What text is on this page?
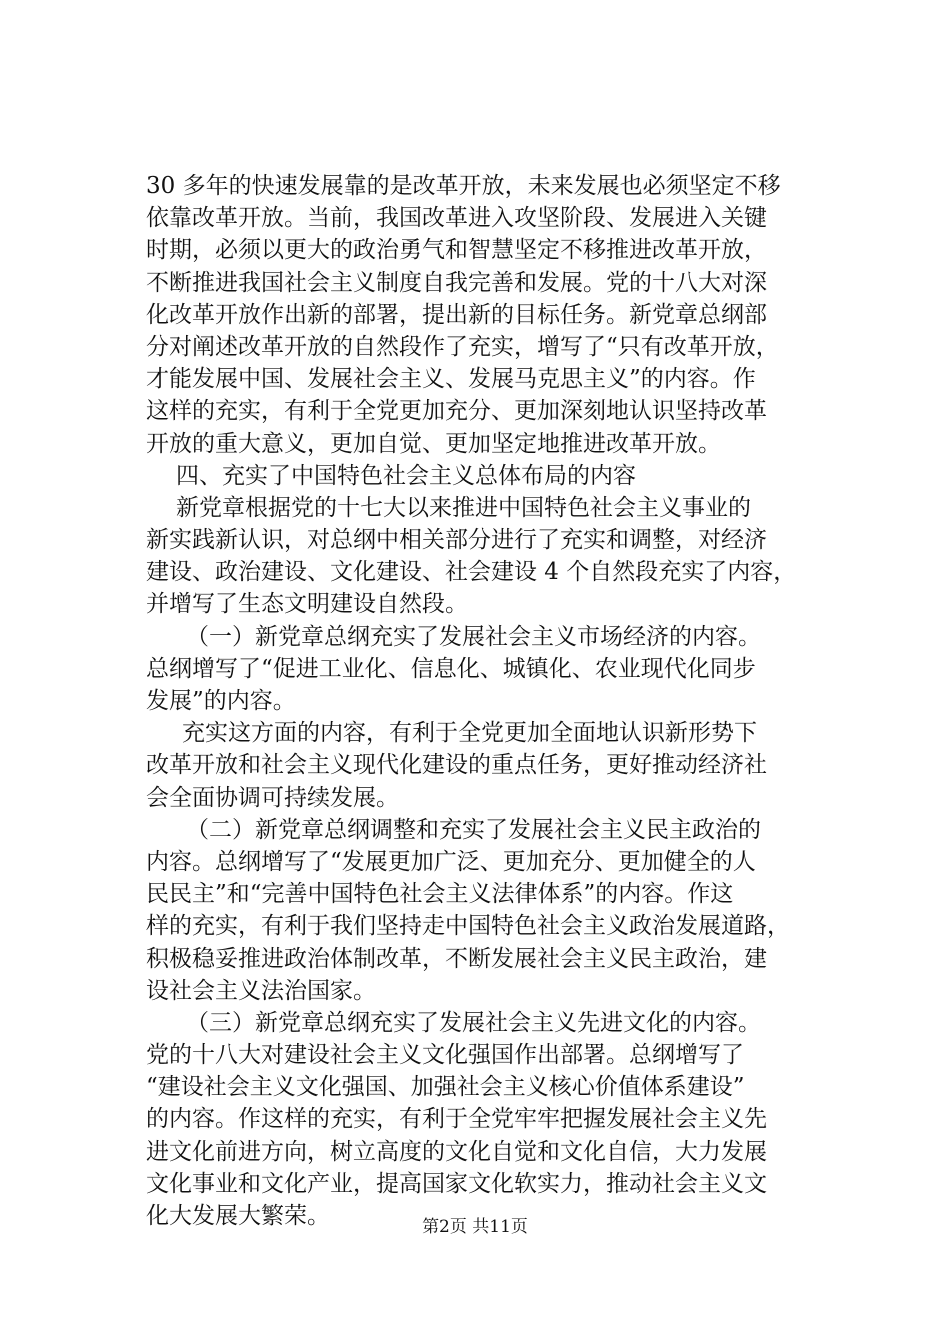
30 多年的快速发展靠的是改革开放，未来发展也必须坚定不移
依靠改革开放。当前，我国改革进入攻坚阶段、发展进入关键
时期，必须以更大的政治勇气和智慧坚定不移推进改革开放，
不断推进我国社会主义制度自我完善和发展。党的十八大对深
化改革开放作出新的部署，提出新的目标任务。新党章总纲部
分对阐述改革开放的自然段作了充实，增写了“只有改革开放，
才能发展中国、发展社会主义、发展马克思主义”的内容。作
这样的充实，有利于全党更加充分、更加深刻地认识坚持改革
开放的重大意义，更加自觉、更加坚定地推进改革开放。
四、充实了中国特色社会主义总体布局的内容
新党章根据党的十七大以来推进中国特色社会主义事业的
新实践新认识，对总纲中相关部分进行了充实和调整，对经济
建设、政治建设、文化建设、社会建设 4 个自然段充实了内容，
并增写了生态文明建设自然段。
（一）新党章总纲充实了发展社会主义市场经济的内容。
总纲增写了“促进工业化、信息化、城镇化、农业现代化同步
发展”的内容。
充实这方面的内容，有利于全党更加全面地认识新形势下
改革开放和社会主义现代化建设的重点任务，更好推动经济社
会全面协调可持续发展。
（二）新党章总纲调整和充实了发展社会主义民主政治的
内容。总纲增写了“发展更加广泛、更加充分、更加健全的人
民民主”和“完善中国特色社会主义法律体系”的内容。作这
样的充实，有利于我们坚持走中国特色社会主义政治发展道路，
积极稳妥推进政治体制改革，不断发展社会主义民主政治，建
设社会主义法治国家。
（三）新党章总纲充实了发展社会主义先进文化的内容。
党的十八大对建设社会主义文化强国作出部署。总纲增写了
“建设社会主义文化强国、加强社会主义核心价值体系建设”
的内容。作这样的充实，有利于全党牢牢把握发展社会主义先
进文化前进方向，树立高度的文化自觉和文化自信，大力发展
文化事业和文化产业，提高国家文化软实力，推动社会主义文
化大发展大繁荣。	第2页 共11页
